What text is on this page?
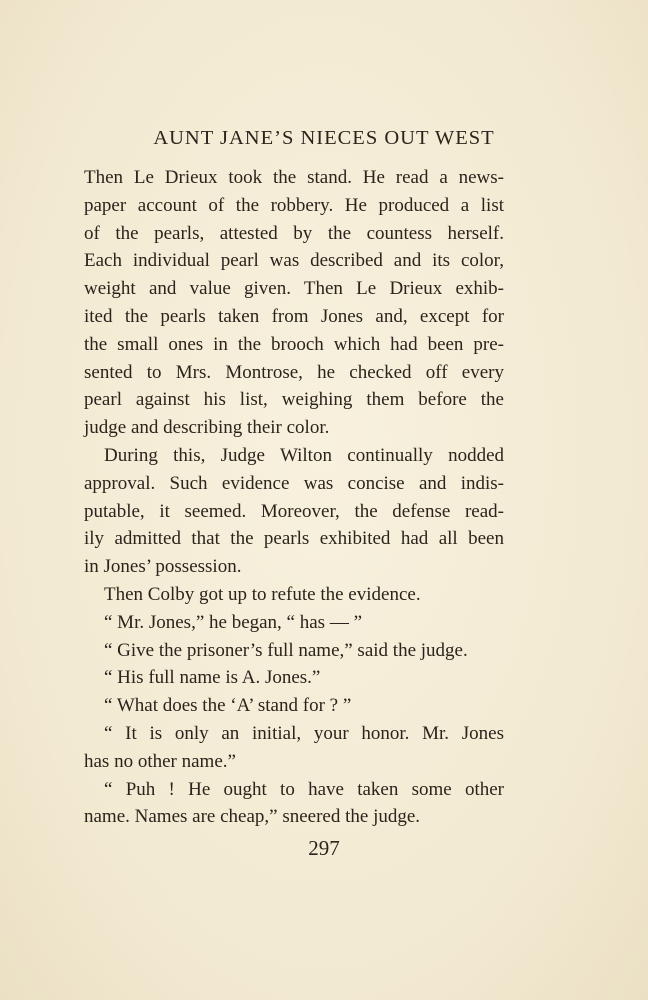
AUNT JANE’S NIECES OUT WEST
Then Le Drieux took the stand. He read a news-
paper account of the robbery. He produced a list
of the pearls, attested by the countess herself.
Each individual pearl was described and its color,
weight and value given. Then Le Drieux exhib-
ited the pearls taken from Jones and, except for
the small ones in the brooch which had been pre-
sented to Mrs. Montrose, he checked off every
pearl against his list, weighing them before the
judge and describing their color.
During this, Judge Wilton continually nodded
approval. Such evidence was concise and indis-
putable, it seemed. Moreover, the defense read-
ily admitted that the pearls exhibited had all been
in Jones’ possession.
Then Colby got up to refute the evidence.
“ Mr. Jones,” he began, “ has — ”
“ Give the prisoner’s full name,” said the judge.
“ His full name is A. Jones.”
“ What does the ‘A’ stand for ? ”
“ It is only an initial, your honor. Mr. Jones
has no other name.”
“ Puh ! He ought to have taken some other
name. Names are cheap,” sneered the judge.
297
